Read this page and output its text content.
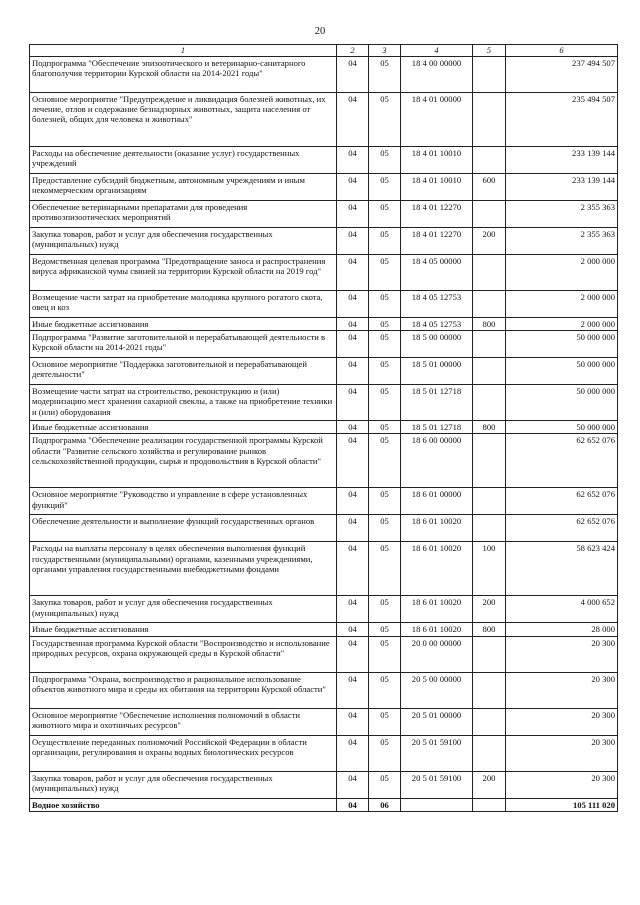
20
1	2	3	4	5	6
Подпрограмма "Обеспечение эпизоотического и ветеринарно-санитарного благополучия территории Курской области на 2014-2021 годы"	04	05	18 4 00 00000		237 494 507
Основное мероприятие "Предупреждение и ликвидация болезней животных, их лечение, отлов и содержание безнадзорных животных, защита населения от болезней, общих для человека и животных"	04	05	18 4 01 00000		235 494 507
Расходы на обеспечение деятельности (оказание услуг) государственных учреждений	04	05	18 4 01 10010		233 139 144
Предоставление субсидий бюджетным, автономным учреждениям и иным некоммерческим организациям	04	05	18 4 01 10010	600	233 139 144
Обеспечение ветеринарными препаратами для проведения противоэпизоотических мероприятий	04	05	18 4 01 12270		2 355 363
Закупка товаров, работ и услуг для обеспечения государственных (муниципальных) нужд	04	05	18 4 01 12270	200	2 355 363
Ведомственная целевая программа "Предотвращение заноса и распространения вируса африканской чумы свиней на территории Курской области на 2019 год"	04	05	18 4 05 00000		2 000 000
Возмещение части затрат на приобретение молодняка крупного рогатого скота, овец и коз	04	05	18 4 05 12753		2 000 000
Иные бюджетные ассигнования	04	05	18 4 05 12753	800	2 000 000
Подпрограмма "Развитие заготовительной и перерабатывающей деятельности в Курской области на 2014-2021 годы"	04	05	18 5 00 00000		50 000 000
Основное мероприятие "Поддержка заготовительной и перерабатывающей деятельности"	04	05	18 5 01 00000		50 000 000
Возмещение части затрат на строительство, реконструкцию и (или) модернизацию мест хранения сахарной свеклы, а также на приобретение техники и (или) оборудования	04	05	18 5 01 12718		50 000 000
Иные бюджетные ассигнования	04	05	18 5 01 12718	800	50 000 000
Подпрограмма "Обеспечение реализации государственной программы Курской области "Развитие сельского хозяйства и регулирование рынков сельскохозяйственной продукции, сырья и продовольствия в Курской области"	04	05	18 6 00 00000		62 652 076
Основное мероприятие "Руководство и управление в сфере установленных функций"	04	05	18 6 01 00000		62 652 076
Обеспечение деятельности и выполнение функций государственных органов	04	05	18 6 01 10020		62 652 076
Расходы на выплаты персоналу в целях обеспечения выполнения функций государственными (муниципальными) органами, казенными учреждениями, органами управления государственными внебюджетными фондами	04	05	18 6 01 10020	100	58 623 424
Закупка товаров, работ и услуг для обеспечения государственных (муниципальных) нужд	04	05	18 6 01 10020	200	4 000 652
Иные бюджетные ассигнования	04	05	18 6 01 10020	800	28 000
Государственная программа Курской области "Воспроизводство и использование природных ресурсов, охрана окружающей среды в Курской области"	04	05	20 0 00 00000		20 300
Подпрограмма "Охрана, воспроизводство и рациональное использование объектов животного мира и среды их обитания на территории Курской области"	04	05	20 5 00 00000		20 300
Основное мероприятие "Обеспечение исполнения полномочий в области животного мира и охотничьих ресурсов"	04	05	20 5 01 00000		20 300
Осуществление переданных полномочий Российской Федерации в области организации, регулирования и охраны водных биологических ресурсов	04	05	20 5 01 59100		20 300
Закупка товаров, работ и услуг для обеспечения государственных (муниципальных) нужд	04	05	20 5 01 59100	200	20 300
Водное хозяйство	04	06			105 111 020
